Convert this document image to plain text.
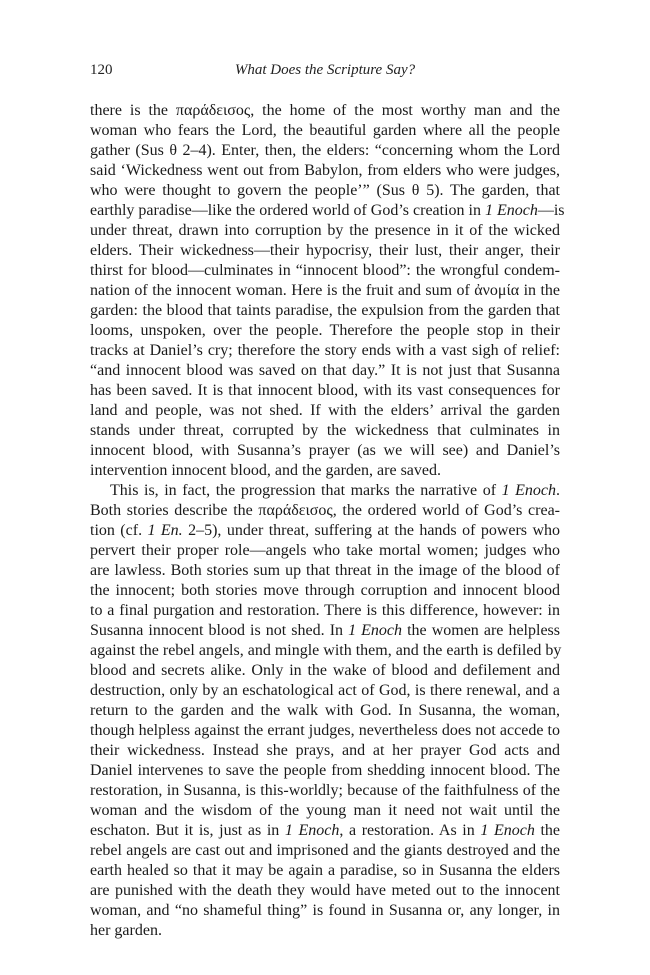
120	What Does the Scripture Say?
there is the παράδεισος, the home of the most worthy man and the
woman who fears the Lord, the beautiful garden where all the people
gather (Sus θ 2–4). Enter, then, the elders: “concerning whom the Lord
said ‘Wickedness went out from Babylon, from elders who were judges,
who were thought to govern the people’” (Sus θ 5). The garden, that
earthly paradise—like the ordered world of God’s creation in 1 Enoch—is
under threat, drawn into corruption by the presence in it of the wicked
elders. Their wickedness—their hypocrisy, their lust, their anger, their
thirst for blood—culminates in “innocent blood”: the wrongful condem-
nation of the innocent woman. Here is the fruit and sum of ἀνομία in the
garden: the blood that taints paradise, the expulsion from the garden that
looms, unspoken, over the people. Therefore the people stop in their
tracks at Daniel’s cry; therefore the story ends with a vast sigh of relief:
“and innocent blood was saved on that day.” It is not just that Susanna
has been saved. It is that innocent blood, with its vast consequences for
land and people, was not shed. If with the elders’ arrival the garden
stands under threat, corrupted by the wickedness that culminates in
innocent blood, with Susanna’s prayer (as we will see) and Daniel’s
intervention innocent blood, and the garden, are saved.
This is, in fact, the progression that marks the narrative of 1 Enoch.
Both stories describe the παράδεισος, the ordered world of God’s crea-
tion (cf. 1 En. 2–5), under threat, suffering at the hands of powers who
pervert their proper role—angels who take mortal women; judges who
are lawless. Both stories sum up that threat in the image of the blood of
the innocent; both stories move through corruption and innocent blood
to a final purgation and restoration. There is this difference, however: in
Susanna innocent blood is not shed. In 1 Enoch the women are helpless
against the rebel angels, and mingle with them, and the earth is defiled by
blood and secrets alike. Only in the wake of blood and defilement and
destruction, only by an eschatological act of God, is there renewal, and a
return to the garden and the walk with God. In Susanna, the woman,
though helpless against the errant judges, nevertheless does not accede to
their wickedness. Instead she prays, and at her prayer God acts and
Daniel intervenes to save the people from shedding innocent blood. The
restoration, in Susanna, is this-worldly; because of the faithfulness of the
woman and the wisdom of the young man it need not wait until the
eschaton. But it is, just as in 1 Enoch, a restoration. As in 1 Enoch the
rebel angels are cast out and imprisoned and the giants destroyed and the
earth healed so that it may be again a paradise, so in Susanna the elders
are punished with the death they would have meted out to the innocent
woman, and “no shameful thing” is found in Susanna or, any longer, in
her garden.
